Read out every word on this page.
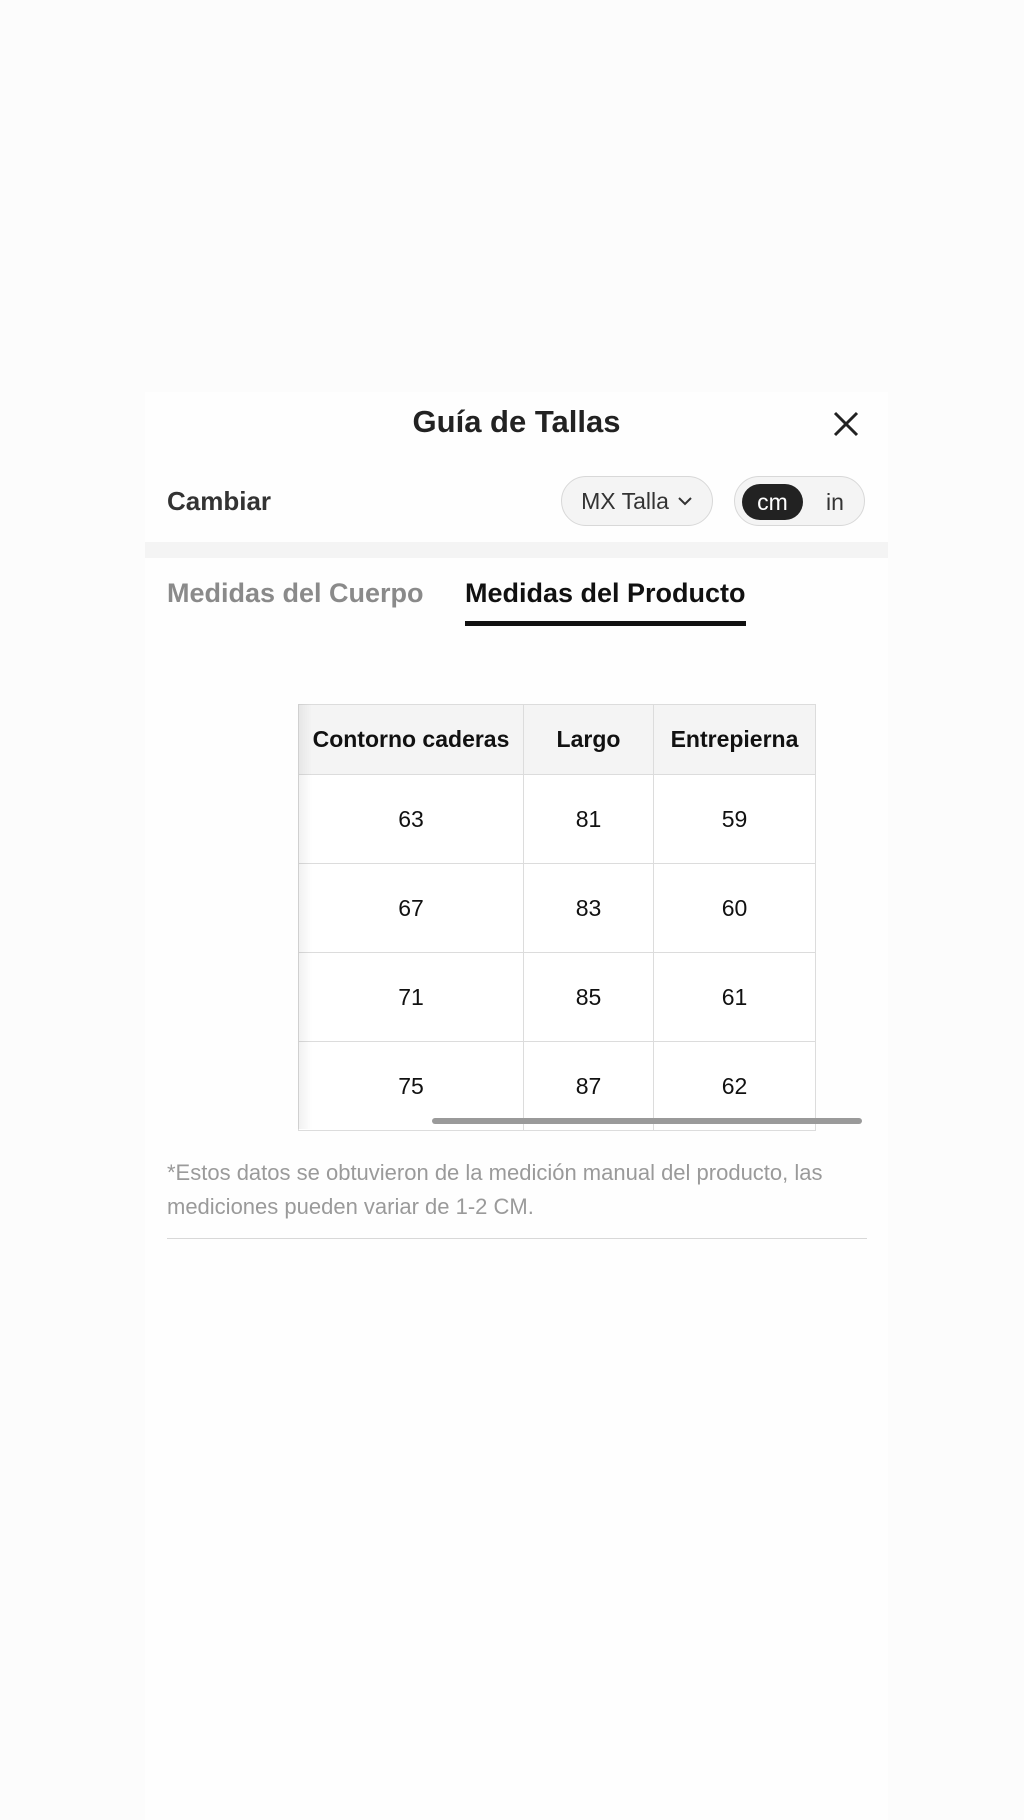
Guía de Tallas
Cambiar	MX Talla	cm	in
Medidas del Cuerpo Medidas del Producto
Contorno caderas	Largo	Entrepierna
63	81	59
67	83	60
71	85	61
75	87	62
*Estos datos se obtuvieron de la medición manual del producto, las mediciones pueden variar de 1-2 CM.
